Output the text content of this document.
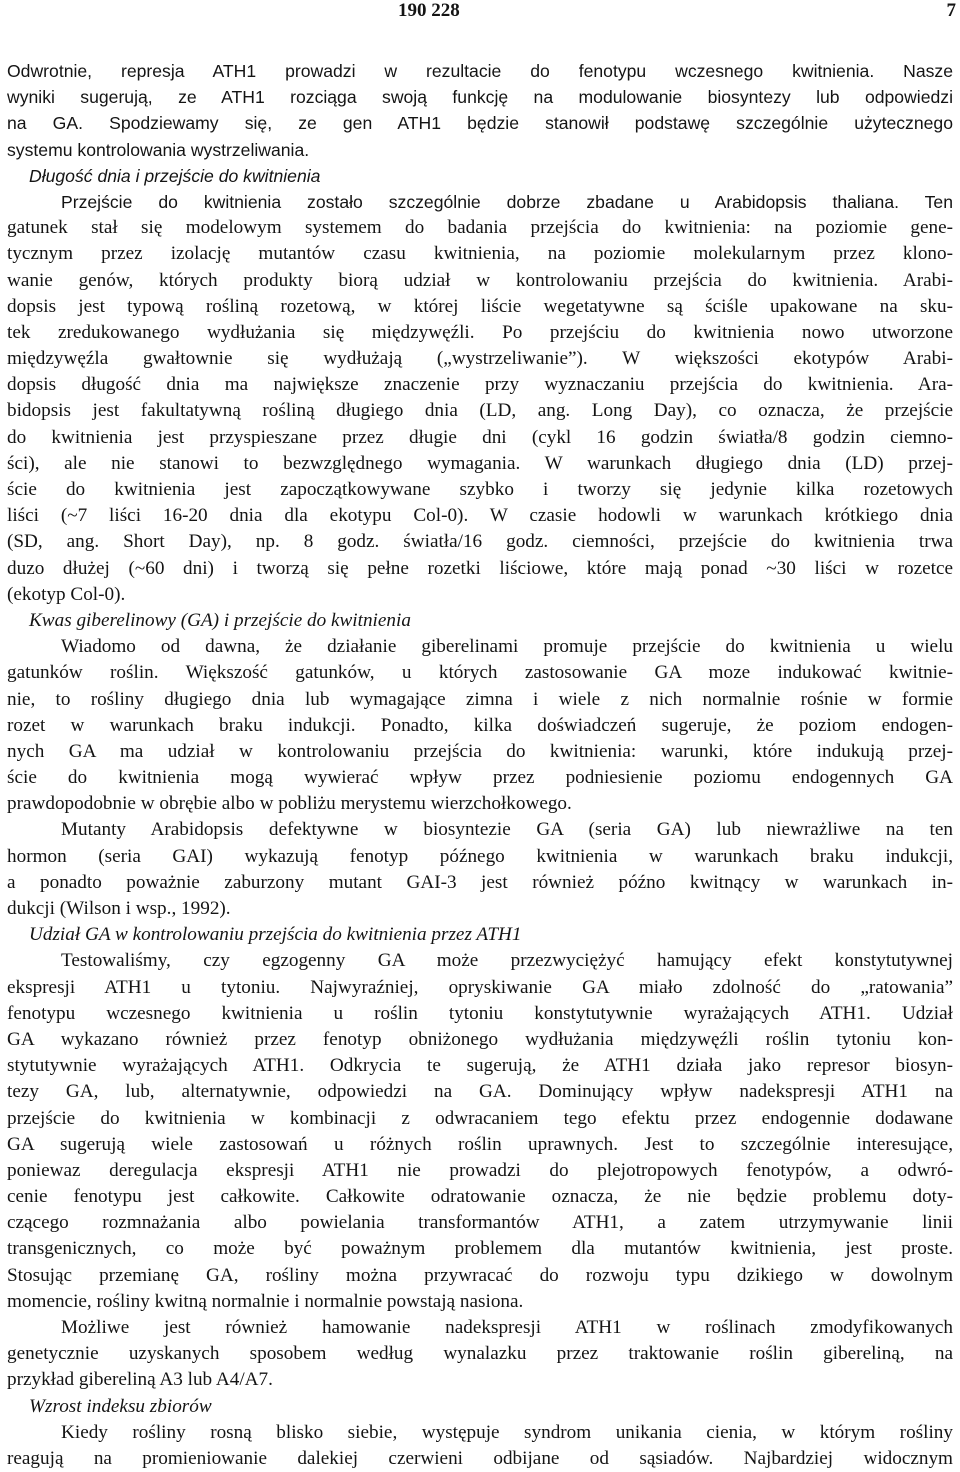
190 228	7
Odwrotnie, represja ATH1 prowadzi w rezultacie do fenotypu wczesnego kwitnienia. Nasze
wyniki sugerują, ze ATH1 rozciąga swoją funkcję na modulowanie biosyntezy lub odpowiedzi
na GA. Spodziewamy się, ze gen ATH1 będzie stanowił podstawę szczególnie użytecznego
systemu kontrolowania wystrzeliwania.
Długość dnia i przejście do kwitnienia
Przejście do kwitnienia zostało szczególnie dobrze zbadane u Arabidopsis thaliana. Ten
gatunek stał się modelowym systemem do badania przejścia do kwitnienia: na poziomie gene-
tycznym przez izolację mutantów czasu kwitnienia, na poziomie molekularnym przez klono-
wanie genów, których produkty biorą udział w kontrolowaniu przejścia do kwitnienia. Arabi-
dopsis jest typową rośliną rozetową, w której liście wegetatywne są ściśle upakowane na sku-
tek zredukowanego wydłużania się międzywęźli. Po przejściu do kwitnienia nowo utworzone
międzywęźla gwałtownie się wydłużają („wystrzeliwanie”). W większości ekotypów Arabi-
dopsis długość dnia ma największe znaczenie przy wyznaczaniu przejścia do kwitnienia. Ara-
bidopsis jest fakultatywną rośliną długiego dnia (LD, ang. Long Day), co oznacza, że przejście
do kwitnienia jest przyspieszane przez długie dni (cykl 16 godzin światła/8 godzin ciemno-
ści), ale nie stanowi to bezwzględnego wymagania. W warunkach długiego dnia (LD) przej-
ście do kwitnienia jest zapoczątkowywane szybko i tworzy się jedynie kilka rozetowych
liści (~7 liści 16-20 dnia dla ekotypu Col-0). W czasie hodowli w warunkach krótkiego dnia
(SD, ang. Short Day), np. 8 godz. światła/16 godz. ciemności, przejście do kwitnienia trwa
duzo dłużej (~60 dni) i tworzą się pełne rozetki liściowe, które mają ponad ~30 liści w rozetce
(ekotyp Col-0).
Kwas giberelinowy (GA) i przejście do kwitnienia
Wiadomo od dawna, że działanie giberelinami promuje przejście do kwitnienia u wielu
gatunków roślin. Większość gatunków, u których zastosowanie GA moze indukować kwitnie-
nie, to rośliny długiego dnia lub wymagające zimna i wiele z nich normalnie rośnie w formie
rozet w warunkach braku indukcji. Ponadto, kilka doświadczeń sugeruje, że poziom endogen-
nych GA ma udział w kontrolowaniu przejścia do kwitnienia: warunki, które indukują przej-
ście do kwitnienia mogą wywierać wpływ przez podniesienie poziomu endogennych GA
prawdopodobnie w obrębie albo w pobliżu merystemu wierzchołkowego.
Mutanty Arabidopsis defektywne w biosyntezie GA (seria GA) lub niewrażliwe na ten
hormon (seria GAI) wykazują fenotyp późnego kwitnienia w warunkach braku indukcji,
a ponadto poważnie zaburzony mutant GAI-3 jest również późno kwitnący w warunkach in-
dukcji (Wilson i wsp., 1992).
Udział GA w kontrolowaniu przejścia do kwitnienia przez ATH1
Testowaliśmy, czy egzogenny GA może przezwyciężyć hamujący efekt konstytutywnej
ekspresji ATH1 u tytoniu. Najwyraźniej, opryskiwanie GA miało zdolność do „ratowania”
fenotypu wczesnego kwitnienia u roślin tytoniu konstytutywnie wyrażających ATH1. Udział
GA wykazano również przez fenotyp obniżonego wydłużania międzywęźli roślin tytoniu kon-
stytutywnie wyrażających ATH1. Odkrycia te sugerują, że ATH1 działa jako represor biosyn-
tezy GA, lub, alternatywnie, odpowiedzi na GA. Dominujący wpływ nadekspresji ATH1 na
przejście do kwitnienia w kombinacji z odwracaniem tego efektu przez endogennie dodawane
GA sugerują wiele zastosowań u różnych roślin uprawnych. Jest to szczególnie interesujące,
poniewaz deregulacja ekspresji ATH1 nie prowadzi do plejotropowych fenotypów, a odwró-
cenie fenotypu jest całkowite. Całkowite odratowanie oznacza, że nie będzie problemu doty-
czącego rozmnażania albo powielania transformantów ATH1, a zatem utrzymywanie linii
transgenicznych, co może być poważnym problemem dla mutantów kwitnienia, jest proste.
Stosując przemianę GA, rośliny można przywracać do rozwoju typu dzikiego w dowolnym
momencie, rośliny kwitną normalnie i normalnie powstają nasiona.
Możliwe jest również hamowanie nadekspresji ATH1 w roślinach zmodyfikowanych
genetycznie uzyskanych sposobem według wynalazku przez traktowanie roślin gibereliną, na
przykład gibereliną A3 lub A4/A7.
Wzrost indeksu zbiorów
Kiedy rośliny rosną blisko siebie, występuje syndrom unikania cienia, w którym rośliny
reagują na promieniowanie dalekiej czerwieni odbijane od sąsiadów. Najbardziej widocznym
